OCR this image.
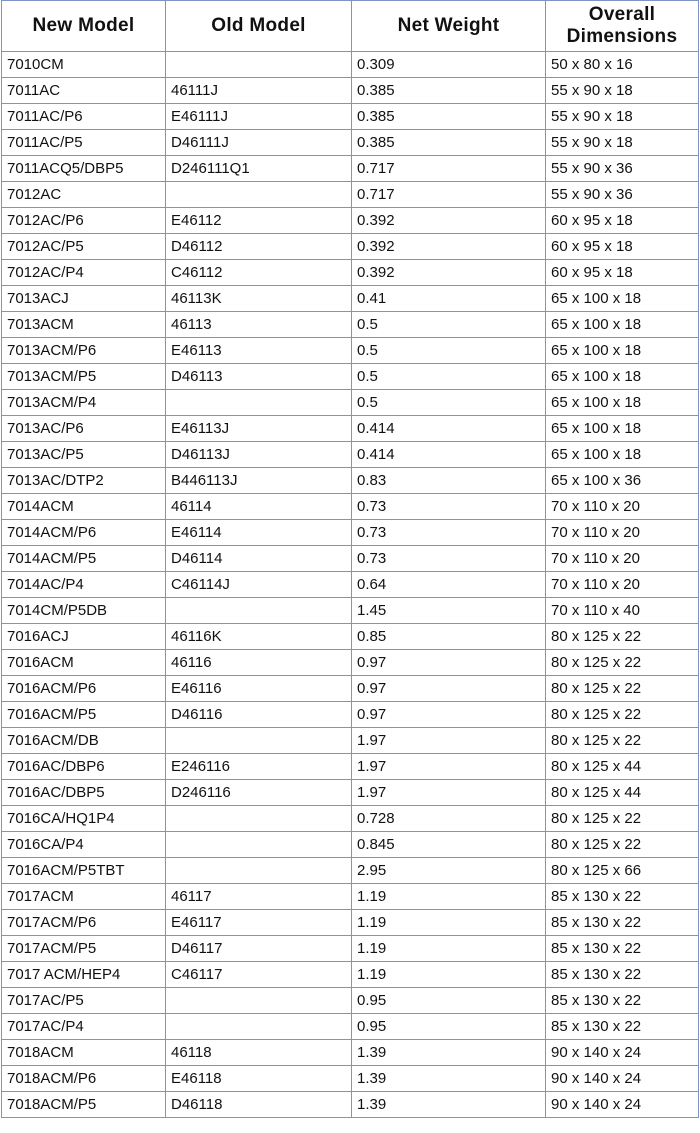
New Model	Old Model	Net Weight	Overall Dimensions
7010CM		0.309	50 x 80 x 16
7011AC	46111J	0.385	55 x 90 x 18
7011AC/P6	E46111J	0.385	55 x 90 x 18
7011AC/P5	D46111J	0.385	55 x 90 x 18
7011ACQ5/DBP5	D246111Q1	0.717	55 x 90 x 36
7012AC		0.717	55 x 90 x 36
7012AC/P6	E46112	0.392	60 x 95 x 18
7012AC/P5	D46112	0.392	60 x 95 x 18
7012AC/P4	C46112	0.392	60 x 95 x 18
7013ACJ	46113K	0.41	65 x 100 x 18
7013ACM	46113	0.5	65 x 100 x 18
7013ACM/P6	E46113	0.5	65 x 100 x 18
7013ACM/P5	D46113	0.5	65 x 100 x 18
7013ACM/P4		0.5	65 x 100 x 18
7013AC/P6	E46113J	0.414	65 x 100 x 18
7013AC/P5	D46113J	0.414	65 x 100 x 18
7013AC/DTP2	B446113J	0.83	65 x 100 x 36
7014ACM	46114	0.73	70 x 110 x 20
7014ACM/P6	E46114	0.73	70 x 110 x 20
7014ACM/P5	D46114	0.73	70 x 110 x 20
7014AC/P4	C46114J	0.64	70 x 110 x 20
7014CM/P5DB		1.45	70 x 110 x 40
7016ACJ	46116K	0.85	80 x 125 x 22
7016ACM	46116	0.97	80 x 125 x 22
7016ACM/P6	E46116	0.97	80 x 125 x 22
7016ACM/P5	D46116	0.97	80 x 125 x 22
7016ACM/DB		1.97	80 x 125 x 22
7016AC/DBP6	E246116	1.97	80 x 125 x 44
7016AC/DBP5	D246116	1.97	80 x 125 x 44
7016CA/HQ1P4		0.728	80 x 125 x 22
7016CA/P4		0.845	80 x 125 x 22
7016ACM/P5TBT		2.95	80 x 125 x 66
7017ACM	46117	1.19	85 x 130 x 22
7017ACM/P6	E46117	1.19	85 x 130 x 22
7017ACM/P5	D46117	1.19	85 x 130 x 22
7017 ACM/HEP4	C46117	1.19	85 x 130 x 22
7017AC/P5		0.95	85 x 130 x 22
7017AC/P4		0.95	85 x 130 x 22
7018ACM	46118	1.39	90 x 140 x 24
7018ACM/P6	E46118	1.39	90 x 140 x 24
7018ACM/P5	D46118	1.39	90 x 140 x 24
